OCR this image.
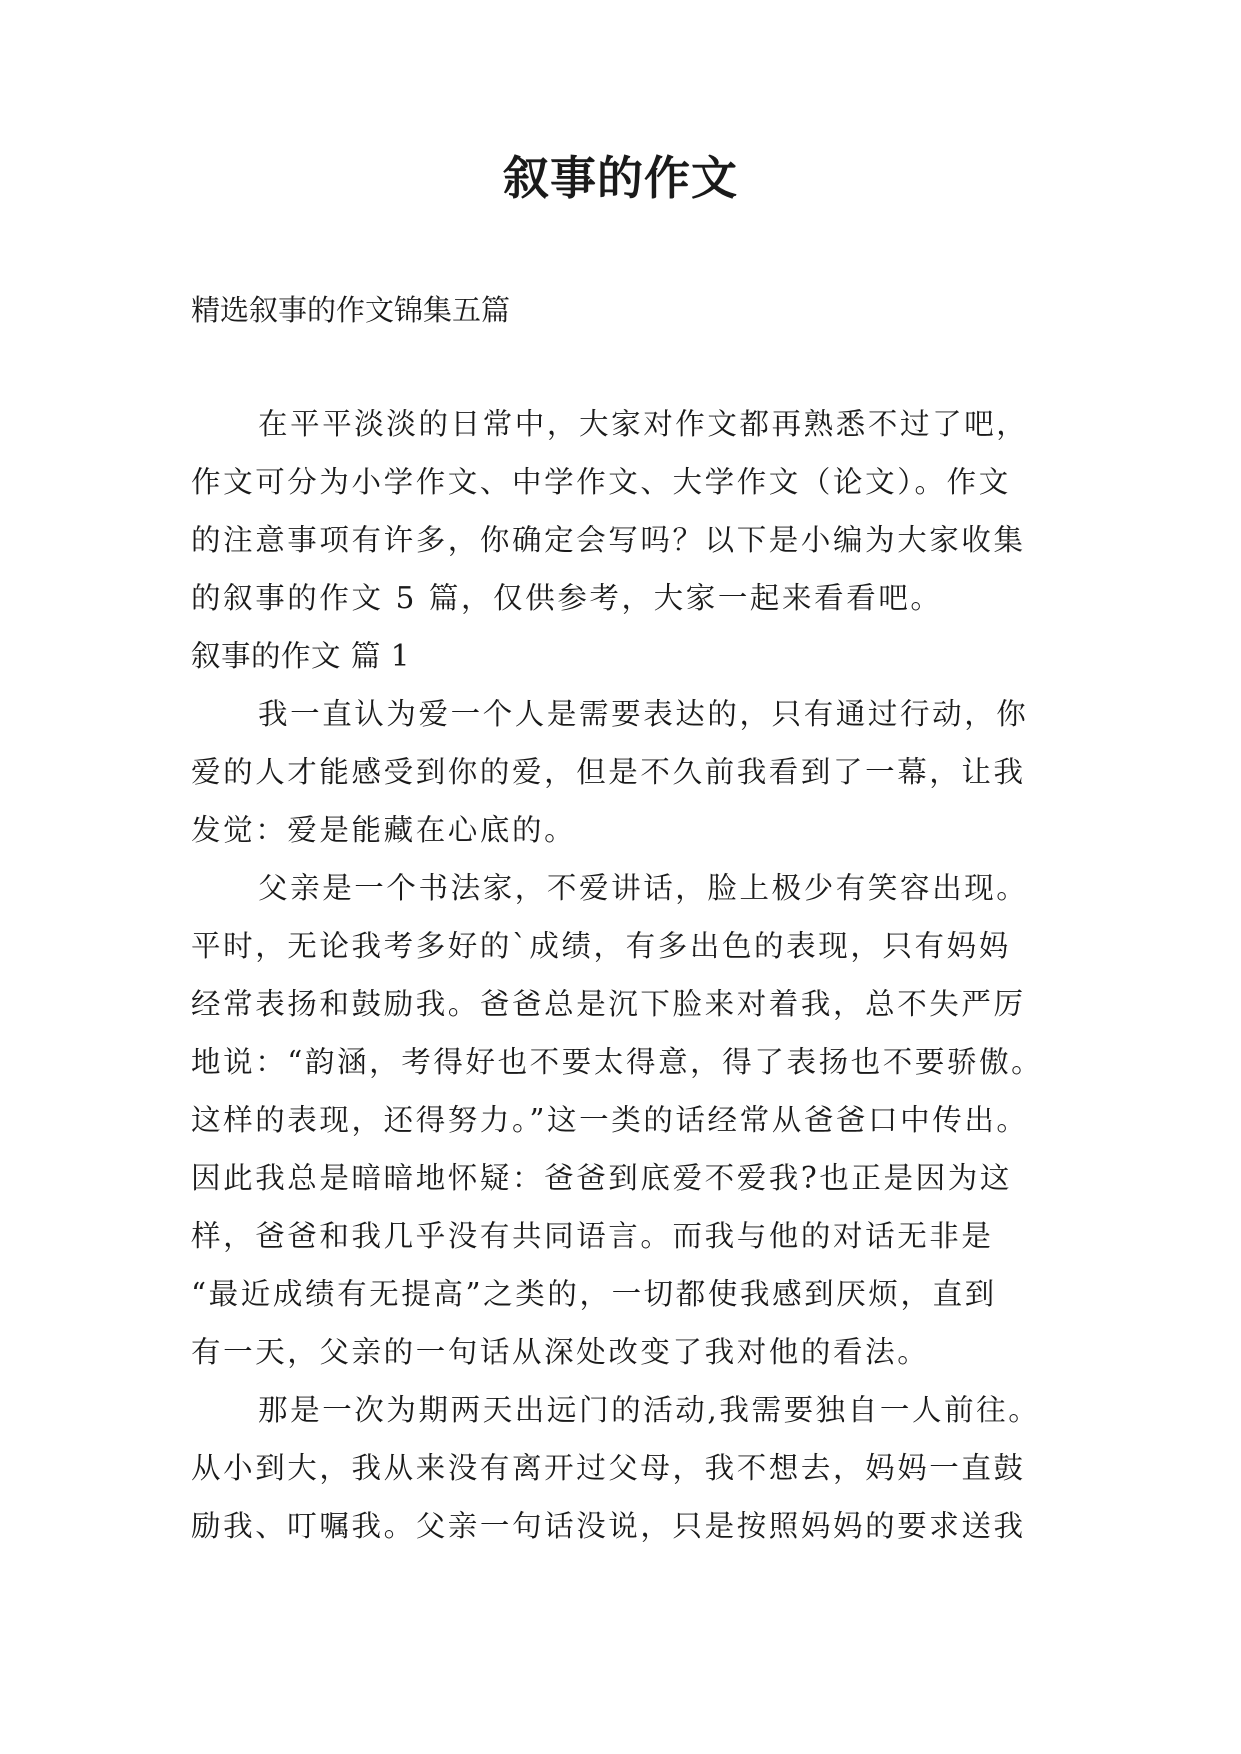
叙事的作文

精选叙事的作文锦集五篇

在平平淡淡的日常中，大家对作文都再熟悉不过了吧，

作文可分为小学作文、中学作文、大学作文（论文）。作文

的注意事项有许多，你确定会写吗？以下是小编为大家收集

的叙事的作文 5 篇，仅供参考，大家一起来看看吧。

叙事的作文 篇 1

我一直认为爱一个人是需要表达的，只有通过行动，你

爱的人才能感受到你的爱，但是不久前我看到了一幕，让我

发觉：爱是能藏在心底的。

父亲是一个书法家，不爱讲话，脸上极少有笑容出现。

平时，无论我考多好的`成绩，有多出色的表现，只有妈妈

经常表扬和鼓励我。爸爸总是沉下脸来对着我，总不失严厉

地说：“韵涵，考得好也不要太得意，得了表扬也不要骄傲。

这样的表现，还得努力。”这一类的话经常从爸爸口中传出。

因此我总是暗暗地怀疑：爸爸到底爱不爱我?也正是因为这

样，爸爸和我几乎没有共同语言。而我与他的对话无非是

“最近成绩有无提高”之类的，一切都使我感到厌烦，直到

有一天，父亲的一句话从深处改变了我对他的看法。

那是一次为期两天出远门的活动,我需要独自一人前往。

从小到大，我从来没有离开过父母，我不想去，妈妈一直鼓

励我、叮嘱我。父亲一句话没说，只是按照妈妈的要求送我
